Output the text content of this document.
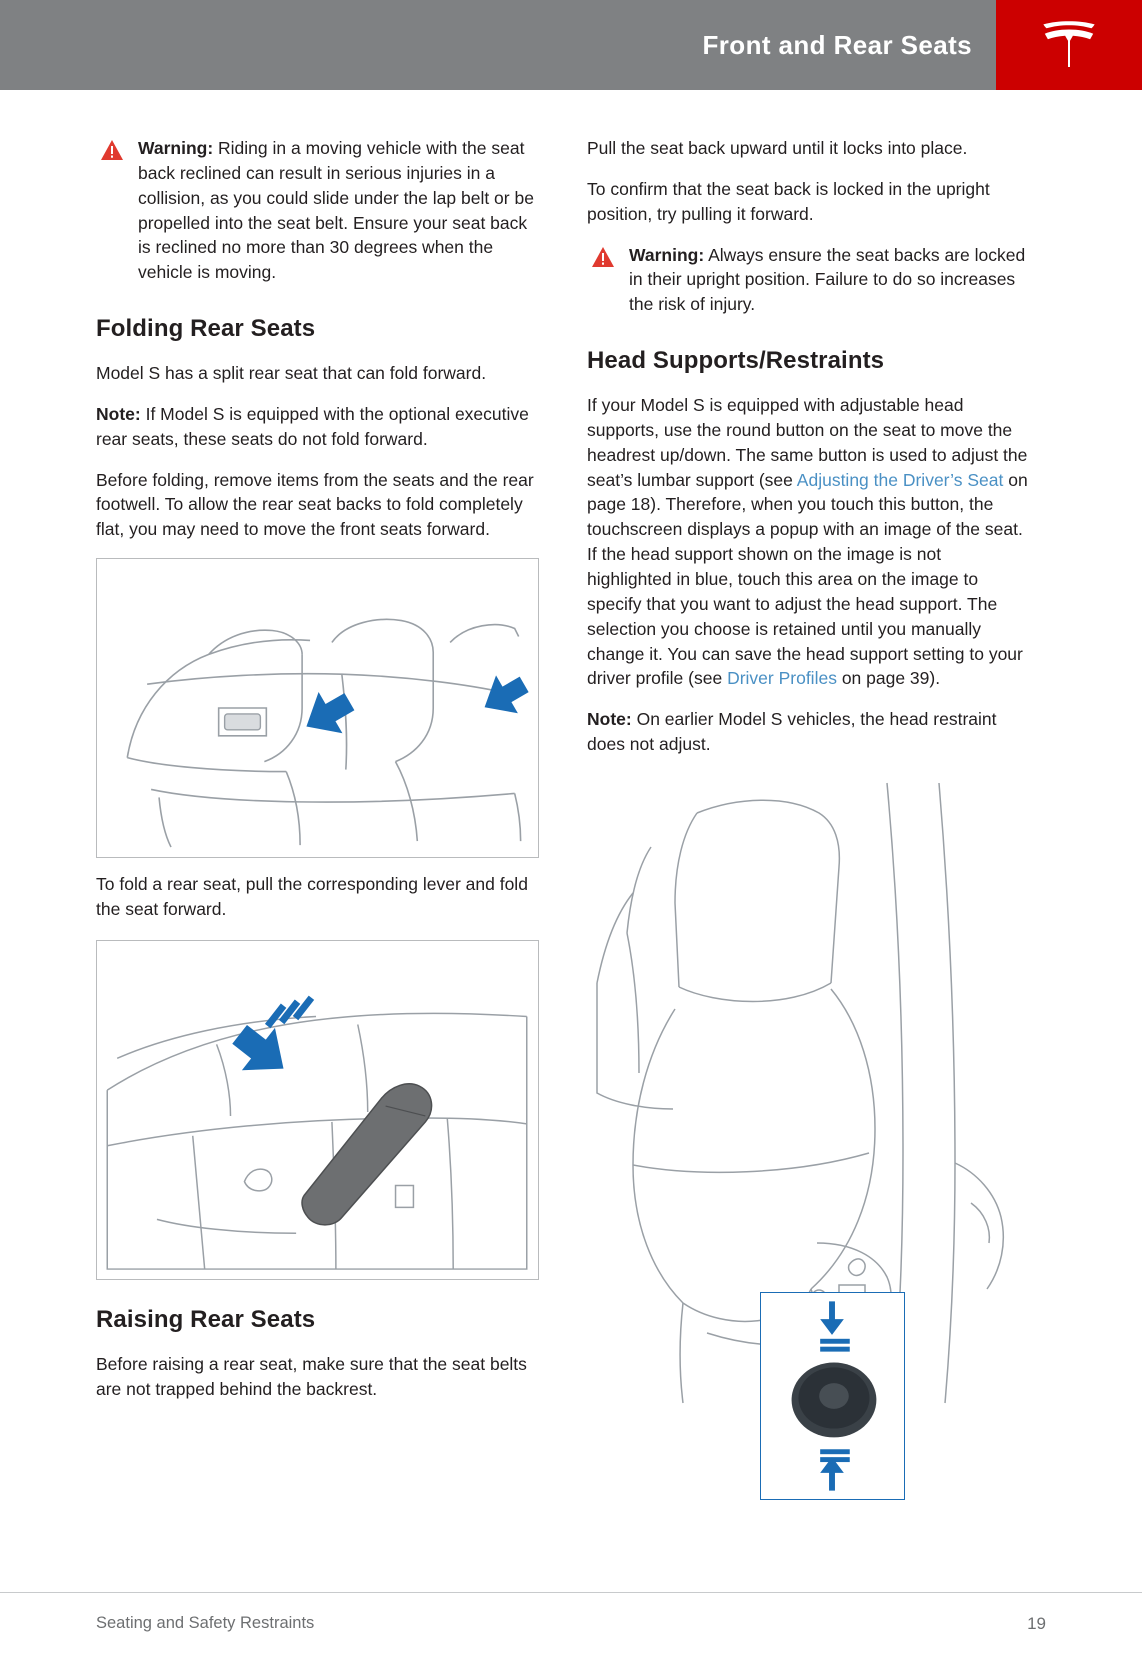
Front and Rear Seats
Warning: Riding in a moving vehicle with the seat back reclined can result in serious injuries in a collision, as you could slide under the lap belt or be propelled into the seat belt. Ensure your seat back is reclined no more than 30 degrees when the vehicle is moving.
Folding Rear Seats

Model S has a split rear seat that can fold forward.

Note: If Model S is equipped with the optional executive rear seats, these seats do not fold forward.

Before folding, remove items from the seats and the rear footwell. To allow the rear seat backs to fold completely flat, you may need to move the front seats forward.

To fold a rear seat, pull the corresponding lever and fold the seat forward.
Raising Rear Seats

Before raising a rear seat, make sure that the seat belts are not trapped behind the backrest.

Pull the seat back upward until it locks into place.

To confirm that the seat back is locked in the upright position, try pulling it forward.

Warning: Always ensure the seat backs are locked in their upright position. Failure to do so increases the risk of injury.
Head Supports/Restraints

If your Model S is equipped with adjustable head supports, use the round button on the seat to move the headrest up/down. The same button is used to adjust the seat’s lumbar support (see Adjusting the Driver’s Seat on page 18). Therefore, when you touch this button, the touchscreen displays a popup with an image of the seat. If the head support shown on the image is not highlighted in blue, touch this area on the image to specify that you want to adjust the head support. The selection you choose is retained until you manually change it. You can save the head support setting to your driver profile (see Driver Profiles on page 39).

Note: On earlier Model S vehicles, the head restraint does not adjust.

Seating and Safety Restraints	19
